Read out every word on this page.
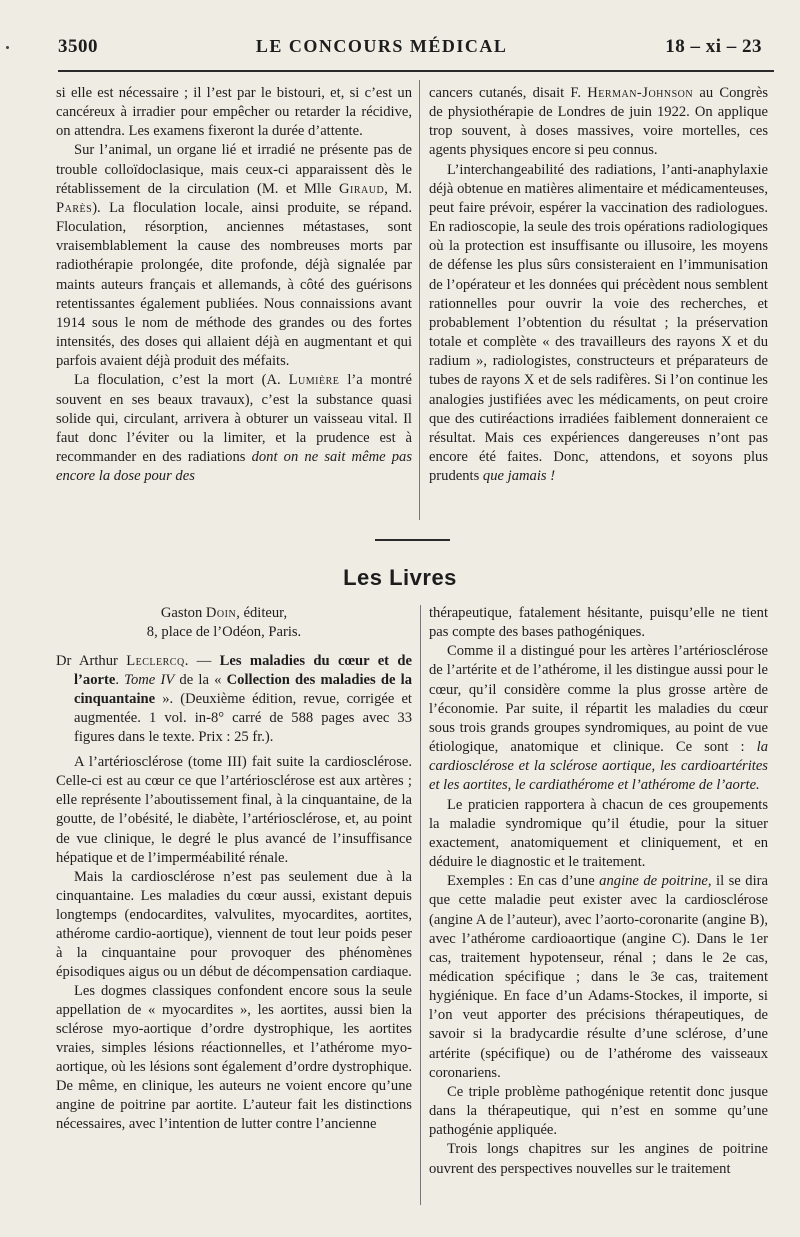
3500	LE CONCOURS MÉDICAL	18 – xi – 23

si elle est nécessaire ; il l’est par le bistouri, et, si c’est un cancéreux à irradier pour empêcher ou retarder la récidive, on attendra. Les examens fixeront la durée d’attente.

Sur l’animal, un organe lié et irradié ne présente pas de trouble colloïdoclasique, mais ceux-ci apparaissent dès le rétablissement de la circulation (M. et Mlle Giraud, M. Parès). La floculation locale, ainsi produite, se répand. Floculation, résorption, anciennes métastases, sont vraisemblablement la cause des nombreuses morts par radiothérapie prolongée, dite profonde, déjà signalée par maints auteurs français et allemands, à côté des guérisons retentissantes également publiées. Nous connaissions avant 1914 sous le nom de méthode des grandes ou des fortes intensités, des doses qui allaient déjà en augmentant et qui parfois avaient déjà produit des méfaits.

La floculation, c’est la mort (A. Lumière l’a montré souvent en ses beaux travaux), c’est la substance quasi solide qui, circulant, arrivera à obturer un vaisseau vital. Il faut donc l’éviter ou la limiter, et la prudence est à recommander en des radiations dont on ne sait même pas encore la dose pour des

cancers cutanés, disait F. Herman-Johnson au Congrès de physiothérapie de Londres de juin 1922. On applique trop souvent, à doses massives, voire mortelles, ces agents physiques encore si peu connus.

L’interchangeabilité des radiations, l’anti-anaphylaxie déjà obtenue en matières alimentaire et médicamenteuses, peut faire prévoir, espérer la vaccination des radiologues. En radioscopie, la seule des trois opérations radiologiques où la protection est insuffisante ou illusoire, les moyens de défense les plus sûrs consisteraient en l’immunisation de l’opérateur et les données qui précèdent nous semblent rationnelles pour ouvrir la voie des recherches, et probablement l’obtention du résultat ; la préservation totale et complète « des travailleurs des rayons X et du radium », radiologistes, constructeurs et préparateurs de tubes de rayons X et de sels radifères. Si l’on continue les analogies justifiées avec les médicaments, on peut croire que des cutiréactions irradiées faiblement donneraient ce résultat. Mais ces expériences dangereuses n’ont pas encore été faites. Donc, attendons, et soyons plus prudents que jamais !

Les Livres

Gaston Doin, éditeur,

8, place de l’Odéon, Paris.

Dr Arthur Leclercq. — Les maladies du cœur et de l’aorte. Tome IV de la « Collection des maladies de la cinquantaine ». (Deuxième édition, revue, corrigée et augmentée. 1 vol. in-8° carré de 588 pages avec 33 figures dans le texte. Prix : 25 fr.).

A l’artériosclérose (tome III) fait suite la cardiosclérose. Celle-ci est au cœur ce que l’artériosclérose est aux artères ; elle représente l’aboutissement final, à la cinquantaine, de la goutte, de l’obésité, le diabète, l’artériosclérose, et, au point de vue clinique, le degré le plus avancé de l’insuffisance hépatique et de l’imperméabilité rénale.

Mais la cardiosclérose n’est pas seulement due à la cinquantaine. Les maladies du cœur aussi, existant depuis longtemps (endocardites, valvulites, myocardites, aortites, athérome cardio-aortique), viennent de tout leur poids peser à la cinquantaine pour provoquer des phénomènes épisodiques aigus ou un début de décompensation cardiaque.

Les dogmes classiques confondent encore sous la seule appellation de « myocardites », les aortites, aussi bien la sclérose myo-aortique d’ordre dystrophique, les aortites vraies, simples lésions réactionnelles, et l’athérome myo-aortique, où les lésions sont également d’ordre dystrophique. De même, en clinique, les auteurs ne voient encore qu’une angine de poitrine par aortite. L’auteur fait les distinctions nécessaires, avec l’intention de lutter contre l’ancienne

thérapeutique, fatalement hésitante, puisqu’elle ne tient pas compte des bases pathogéniques.

Comme il a distingué pour les artères l’artériosclérose de l’artérite et de l’athérome, il les distingue aussi pour le cœur, qu’il considère comme la plus grosse artère de l’économie. Par suite, il répartit les maladies du cœur sous trois grands groupes syndromiques, au point de vue étiologique, anatomique et clinique. Ce sont : la cardiosclérose et la sclérose aortique, les cardioartérites et les aortites, le cardiathérome et l’athérome de l’aorte.

Le praticien rapportera à chacun de ces groupements la maladie syndromique qu’il étudie, pour la situer exactement, anatomiquement et cliniquement, et en déduire le diagnostic et le traitement.

Exemples : En cas d’une angine de poitrine, il se dira que cette maladie peut exister avec la cardiosclérose (angine A de l’auteur), avec l’aorto-coronarite (angine B), avec l’athérome cardioaortique (angine C). Dans le 1er cas, traitement hypotenseur, rénal ; dans le 2e cas, médication spécifique ; dans le 3e cas, traitement hygiénique. En face d’un Adams-Stockes, il importe, si l’on veut apporter des précisions thérapeutiques, de savoir si la bradycardie résulte d’une sclérose, d’une artérite (spécifique) ou de l’athérome des vaisseaux coronariens.

Ce triple problème pathogénique retentit donc jusque dans la thérapeutique, qui n’est en somme qu’une pathogénie appliquée.

Trois longs chapitres sur les angines de poitrine ouvrent des perspectives nouvelles sur le traitement
